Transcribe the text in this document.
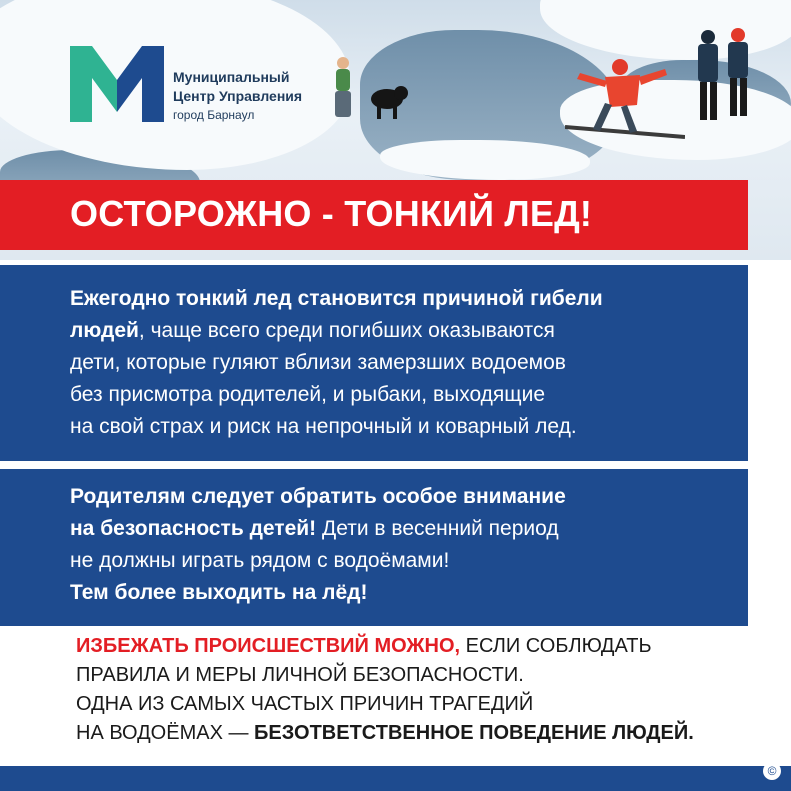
Муниципальный
Центр Управления
город Барнаул
ОСТОРОЖНО - ТОНКИЙ ЛЕД!
Ежегодно тонкий лед становится причиной гибели
людей, чаще всего среди погибших оказываются
дети, которые гуляют вблизи замерзших водоемов
без присмотра родителей, и рыбаки, выходящие
на свой страх и риск на непрочный и коварный лед.
Родителям следует обратить особое внимание
на безопасность детей! Дети в весенний период
не должны играть рядом с водоёмами!
Тем более выходить на лёд!
ИЗБЕЖАТЬ ПРОИСШЕСТВИЙ МОЖНО, ЕСЛИ СОБЛЮДАТЬ
ПРАВИЛА И МЕРЫ ЛИЧНОЙ БЕЗОПАСНОСТИ.
ОДНА ИЗ САМЫХ ЧАСТЫХ ПРИЧИН ТРАГЕДИЙ
НА ВОДОЁМАХ — БЕЗОТВЕТСТВЕННОЕ ПОВЕДЕНИЕ ЛЮДЕЙ.
©
